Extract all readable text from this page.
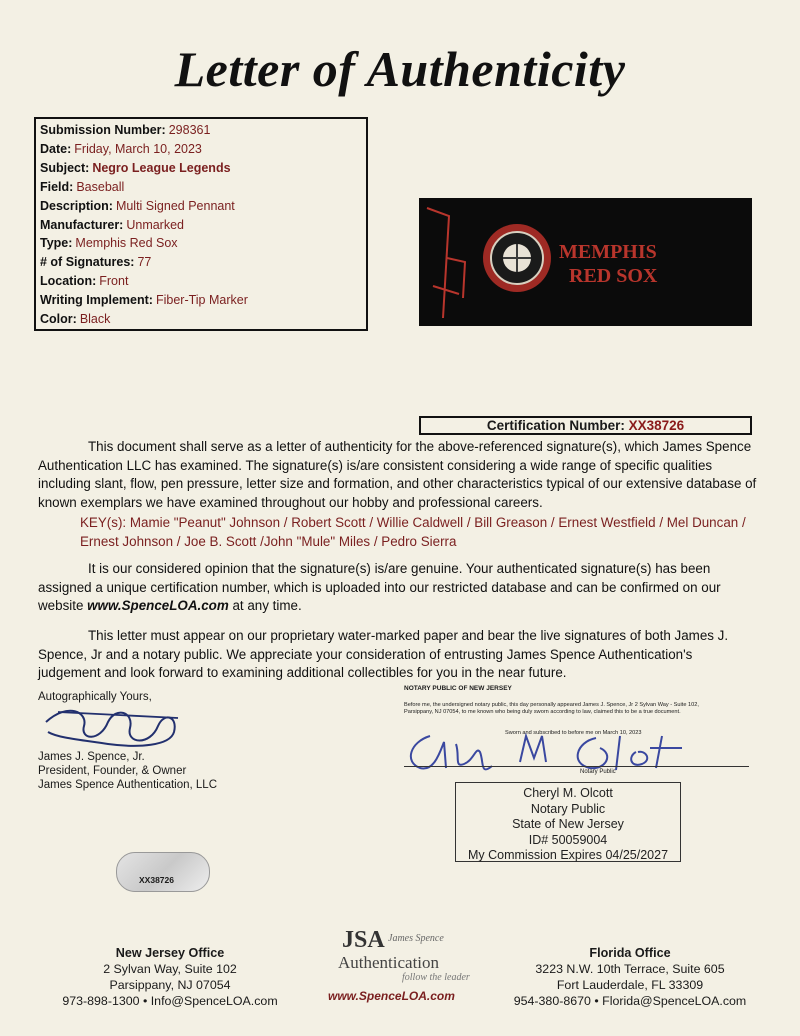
Letter of Authenticity
Submission Number: 298361
Date: Friday, March 10, 2023
Subject: Negro League Legends
Field: Baseball
Description: Multi Signed Pennant
Manufacturer: Unmarked
Type: Memphis Red Sox
# of Signatures: 77
Location: Front
Writing Implement: Fiber-Tip Marker
Color: Black
MEMPHIS
RED SOX
Certification Number: XX38726
This document shall serve as a letter of authenticity for the above-referenced signature(s), which James Spence Authentication LLC has examined. The signature(s) is/are consistent considering a wide range of specific qualities including slant, flow, pen pressure, letter size and formation, and other characteristics typical of our extensive database of known exemplars we have examined throughout our hobby and professional careers.
KEY(s): Mamie "Peanut" Johnson / Robert Scott / Willie Caldwell / Bill Greason / Ernest Westfield / Mel Duncan / Ernest Johnson / Joe B. Scott /John "Mule" Miles / Pedro Sierra
It is our considered opinion that the signature(s) is/are genuine. Your authenticated signature(s) has been assigned a unique certification number, which is uploaded into our restricted database and can be confirmed on our website www.SpenceLOA.com at any time.
This letter must appear on our proprietary water-marked paper and bear the live signatures of both James J. Spence, Jr and a notary public. We appreciate your consideration of entrusting James Spence Authentication's judgement and look forward to examining additional collectibles for you in the near future.
Autographically Yours,
James J. Spence, Jr.
President, Founder, & Owner
James Spence Authentication, LLC
NOTARY PUBLIC OF NEW JERSEY
Before me, the undersigned notary public, this day personally appeared James J. Spence, Jr 2 Sylvan Way - Suite 102, Parsippany, NJ 07054, to me known who being duly sworn according to law, claimed this to be a true document.
Sworn and subscribed to before me on March 10, 2023
Notary Public
Cheryl M. Olcott
Notary Public
State of New Jersey
ID# 50059004
My Commission Expires 04/25/2027
XX38726
New Jersey Office
2 Sylvan Way, Suite 102
Parsippany, NJ 07054
973-898-1300 • Info@SpenceLOA.com
JSA James Spence
Authentication
follow the leader
www.SpenceLOA.com
Florida Office
3223 N.W. 10th Terrace, Suite 605
Fort Lauderdale, FL 33309
954-380-8670 • Florida@SpenceLOA.com
